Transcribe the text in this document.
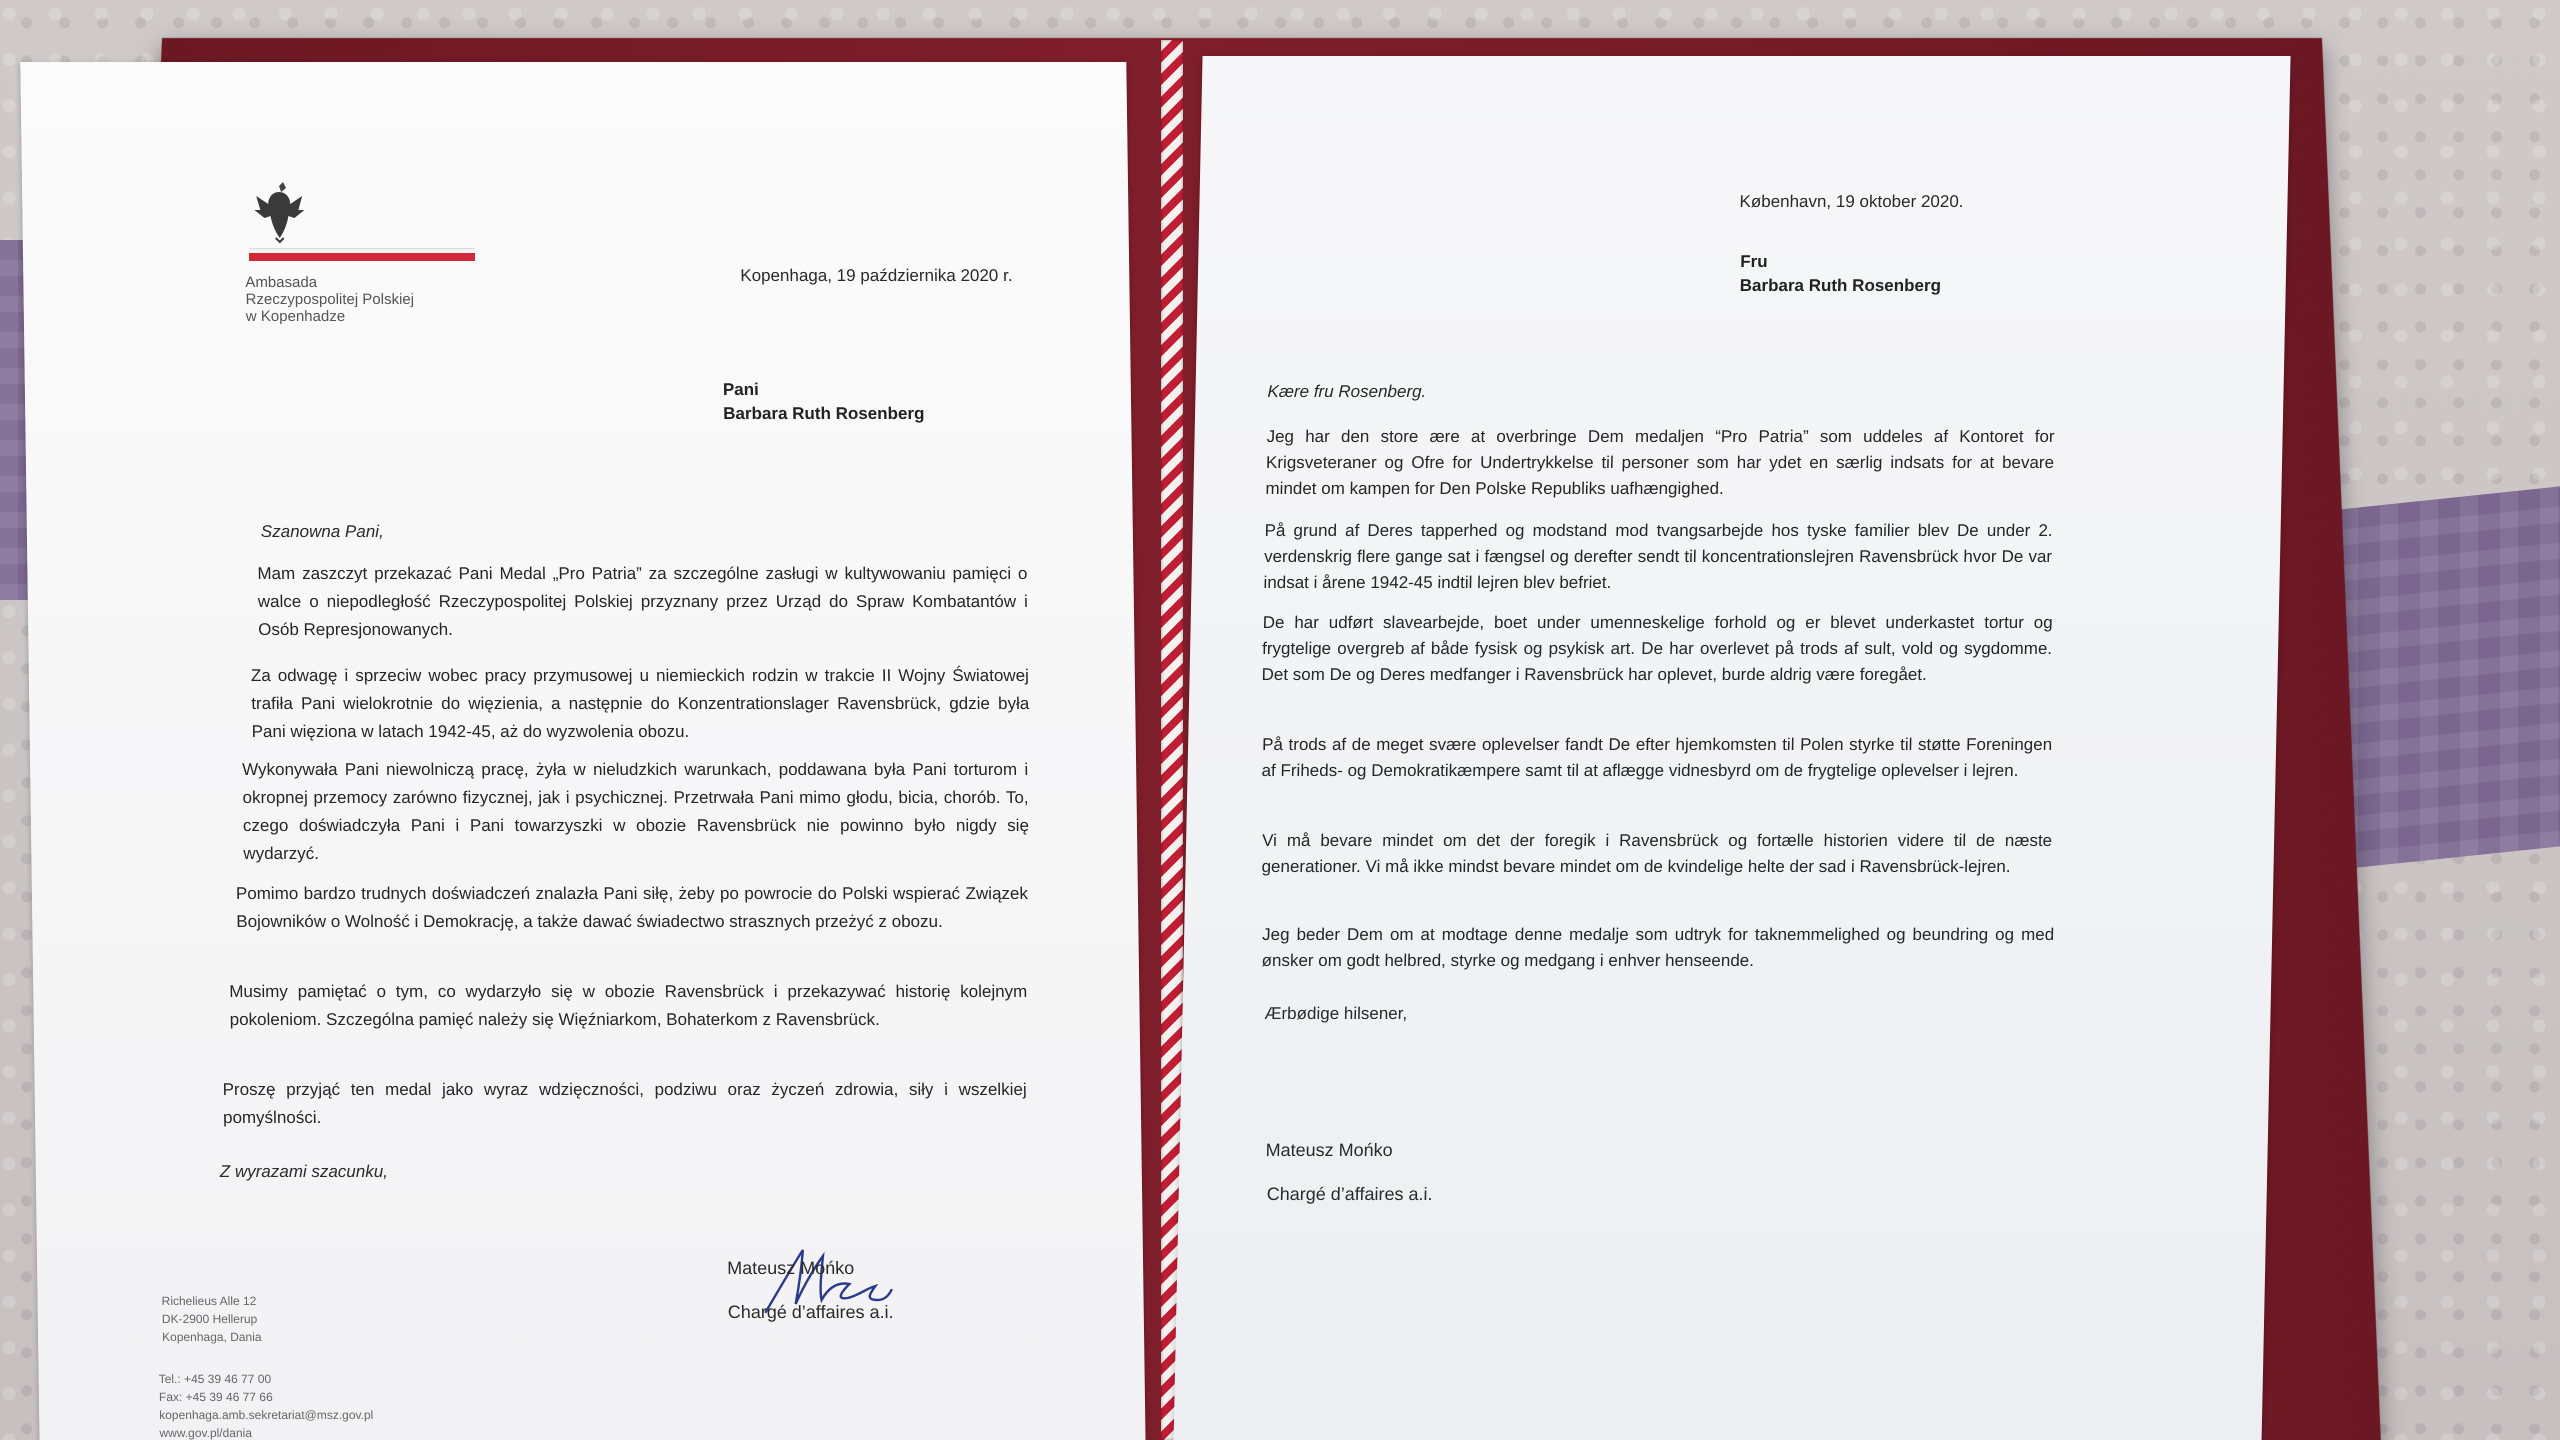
Ambasada
Rzeczypospolitej Polskiej
w Kopenhadze
Kopenhaga, 19 października 2020 r.
Pani
Barbara Ruth Rosenberg
Szanowna Pani,
Mam zaszczyt przekazać Pani Medal „Pro Patria” za szczególne zasługi w kultywowaniu pamięci o walce o niepodległość Rzeczypospolitej Polskiej przyznany przez Urząd do Spraw Kombatantów i Osób Represjonowanych.
Za odwagę i sprzeciw wobec pracy przymusowej u niemieckich rodzin w trakcie II Wojny Światowej trafiła Pani wielokrotnie do więzienia, a następnie do Konzentrationslager Ravensbrück, gdzie była Pani więziona w latach 1942-45, aż do wyzwolenia obozu.
Wykonywała Pani niewolniczą pracę, żyła w nieludzkich warunkach, poddawana była Pani torturom i okropnej przemocy zarówno fizycznej, jak i psychicznej. Przetrwała Pani mimo głodu, bicia, chorób. To, czego doświadczyła Pani i Pani towarzyszki w obozie Ravensbrück nie powinno było nigdy się wydarzyć.
Pomimo bardzo trudnych doświadczeń znalazła Pani siłę, żeby po powrocie do Polski wspierać Związek Bojowników o Wolność i Demokrację, a także dawać świadectwo strasznych przeżyć z obozu.
Musimy pamiętać o tym, co wydarzyło się w obozie Ravensbrück i przekazywać historię kolejnym pokoleniom. Szczególna pamięć należy się Więźniarkom, Bohaterkom z Ravensbrück.
Proszę przyjąć ten medal jako wyraz wdzięczności, podziwu oraz życzeń zdrowia, siły i wszelkiej pomyślności.
Z wyrazami szacunku,
Mateusz Mońko
Chargé d’affaires a.i.
Richelieus Alle 12
DK-2900 Hellerup
Kopenhaga, Dania
Tel.: +45 39 46 77 00
Fax: +45 39 46 77 66
kopenhaga.amb.sekretariat@msz.gov.pl
www.gov.pl/dania
København, 19 oktober 2020.
Fru
Barbara Ruth Rosenberg
Kære fru Rosenberg.
Jeg har den store ære at overbringe Dem medaljen “Pro Patria” som uddeles af Kontoret for Krigsveteraner og Ofre for Undertrykkelse til personer som har ydet en særlig indsats for at bevare mindet om kampen for Den Polske Republiks uafhængighed.
På grund af Deres tapperhed og modstand mod tvangsarbejde hos tyske familier blev De under 2. verdenskrig flere gange sat i fængsel og derefter sendt til koncentrationslejren Ravensbrück hvor De var indsat i årene 1942-45 indtil lejren blev befriet.
De har udført slavearbejde, boet under umenneskelige forhold og er blevet underkastet tortur og frygtelige overgreb af både fysisk og psykisk art. De har overlevet på trods af sult, vold og sygdomme. Det som De og Deres medfanger i Ravensbrück har oplevet, burde aldrig være foregået.
På trods af de meget svære oplevelser fandt De efter hjemkomsten til Polen styrke til støtte Foreningen af Friheds- og Demokratikæmpere samt til at aflægge vidnesbyrd om de frygtelige oplevelser i lejren.
Vi må bevare mindet om det der foregik i Ravensbrück og fortælle historien videre til de næste generationer. Vi må ikke mindst bevare mindet om de kvindelige helte der sad i Ravensbrück-lejren.
Jeg beder Dem om at modtage denne medalje som udtryk for taknemmelighed og beundring og med ønsker om godt helbred, styrke og medgang i enhver henseende.
Ærbødige hilsener,
Mateusz Mońko
Chargé d’affaires a.i.
